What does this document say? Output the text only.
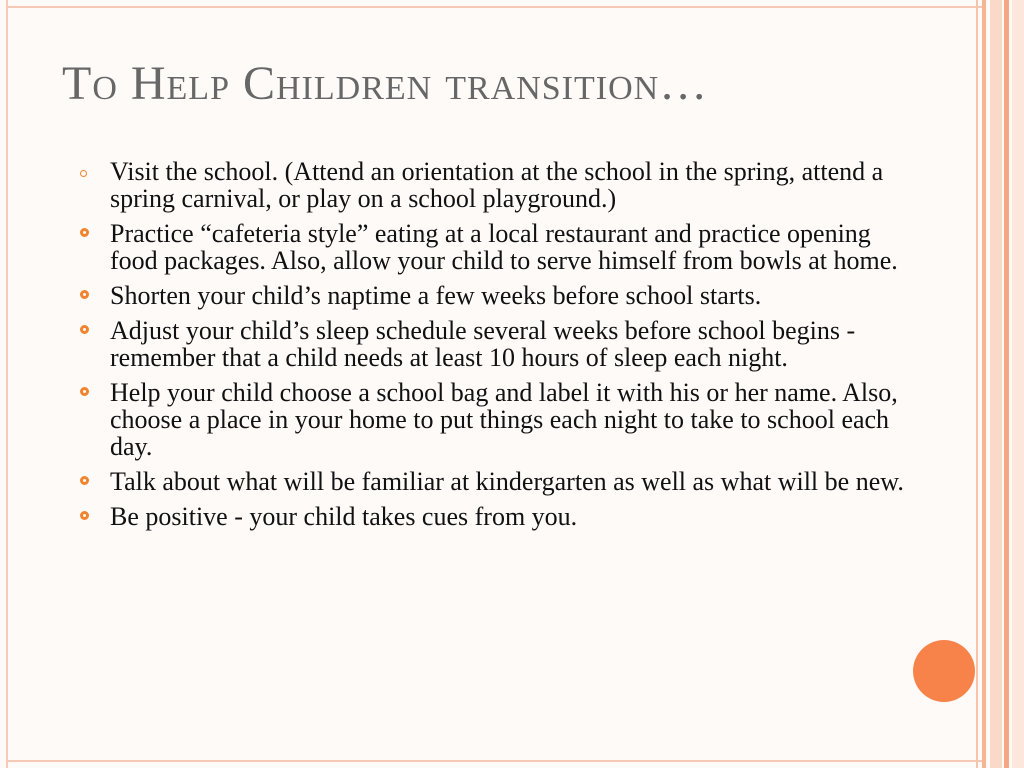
To Help Children transition…
Visit the school. (Attend an orientation at the school in the spring, attend a spring carnival, or play on a school playground.)
Practice “cafeteria style” eating at a local restaurant and practice opening food packages. Also, allow your child to serve himself from bowls at home.
Shorten your child’s naptime a few weeks before school starts.
Adjust your child’s sleep schedule several weeks before school begins - remember that a child needs at least 10 hours of sleep each night.
Help your child choose a school bag and label it with his or her name. Also, choose a place in your home to put things each night to take to school each day.
Talk about what will be familiar at kindergarten as well as what will be new.
Be positive - your child takes cues from you.
